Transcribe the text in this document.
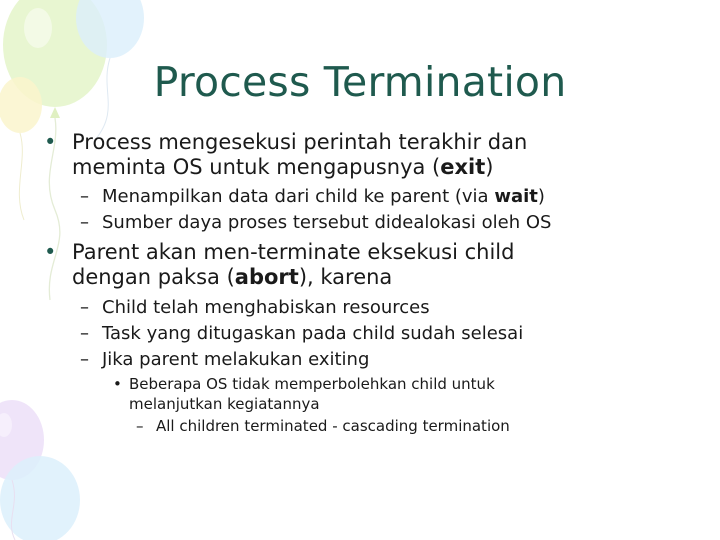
Process Termination
• Process mengesekusi perintah terakhir dan
meminta OS untuk mengapusnya (exit)
– Menampilkan data dari child ke parent (via wait)
– Sumber daya proses tersebut didealokasi oleh OS
• Parent akan men-terminate eksekusi child
dengan paksa (abort), karena
– Child telah menghabiskan resources
– Task yang ditugaskan pada child sudah selesai
– Jika parent melakukan exiting
• Beberapa OS tidak memperbolehkan child untuk
melanjutkan kegiatannya
– All children terminated - cascading termination
